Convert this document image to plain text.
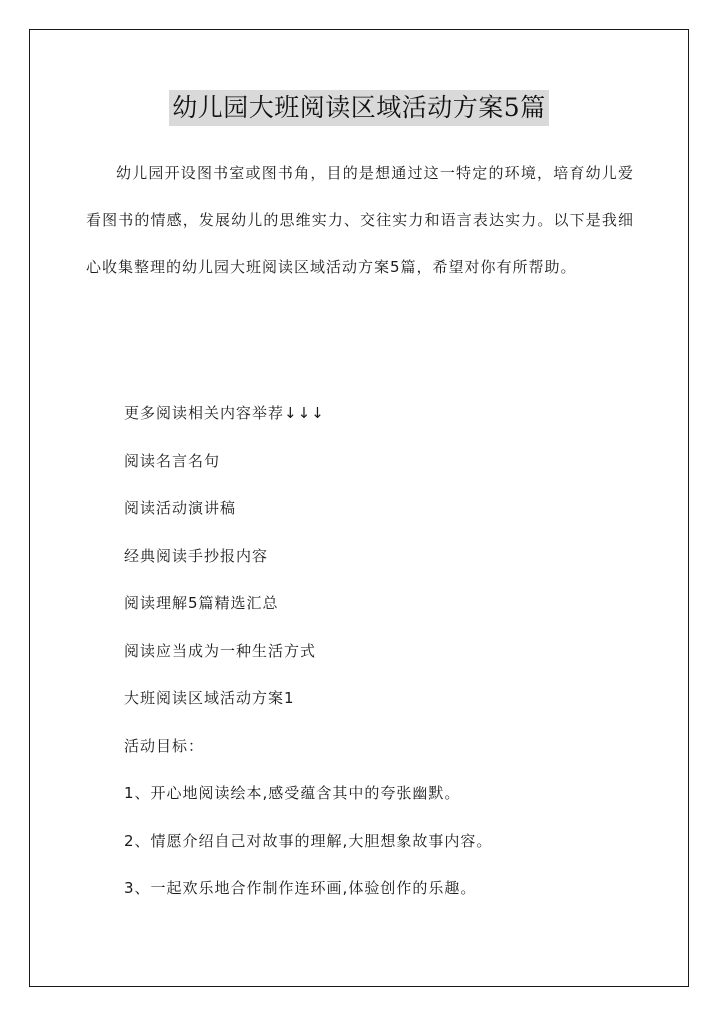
幼儿园大班阅读区域活动方案5篇

幼儿园开设图书室或图书角，目的是想通过这一特定的环境，培育幼儿爱看图书的情感，发展幼儿的思维实力、交往实力和语言表达实力。以下是我细心收集整理的幼儿园大班阅读区域活动方案5篇，希望对你有所帮助。

更多阅读相关内容举荐↓↓↓
阅读名言名句
阅读活动演讲稿
经典阅读手抄报内容
阅读理解5篇精选汇总
阅读应当成为一种生活方式
大班阅读区域活动方案1
活动目标：
1、开心地阅读绘本,感受蕴含其中的夸张幽默。
2、情愿介绍自己对故事的理解,大胆想象故事内容。
3、一起欢乐地合作制作连环画,体验创作的乐趣。
